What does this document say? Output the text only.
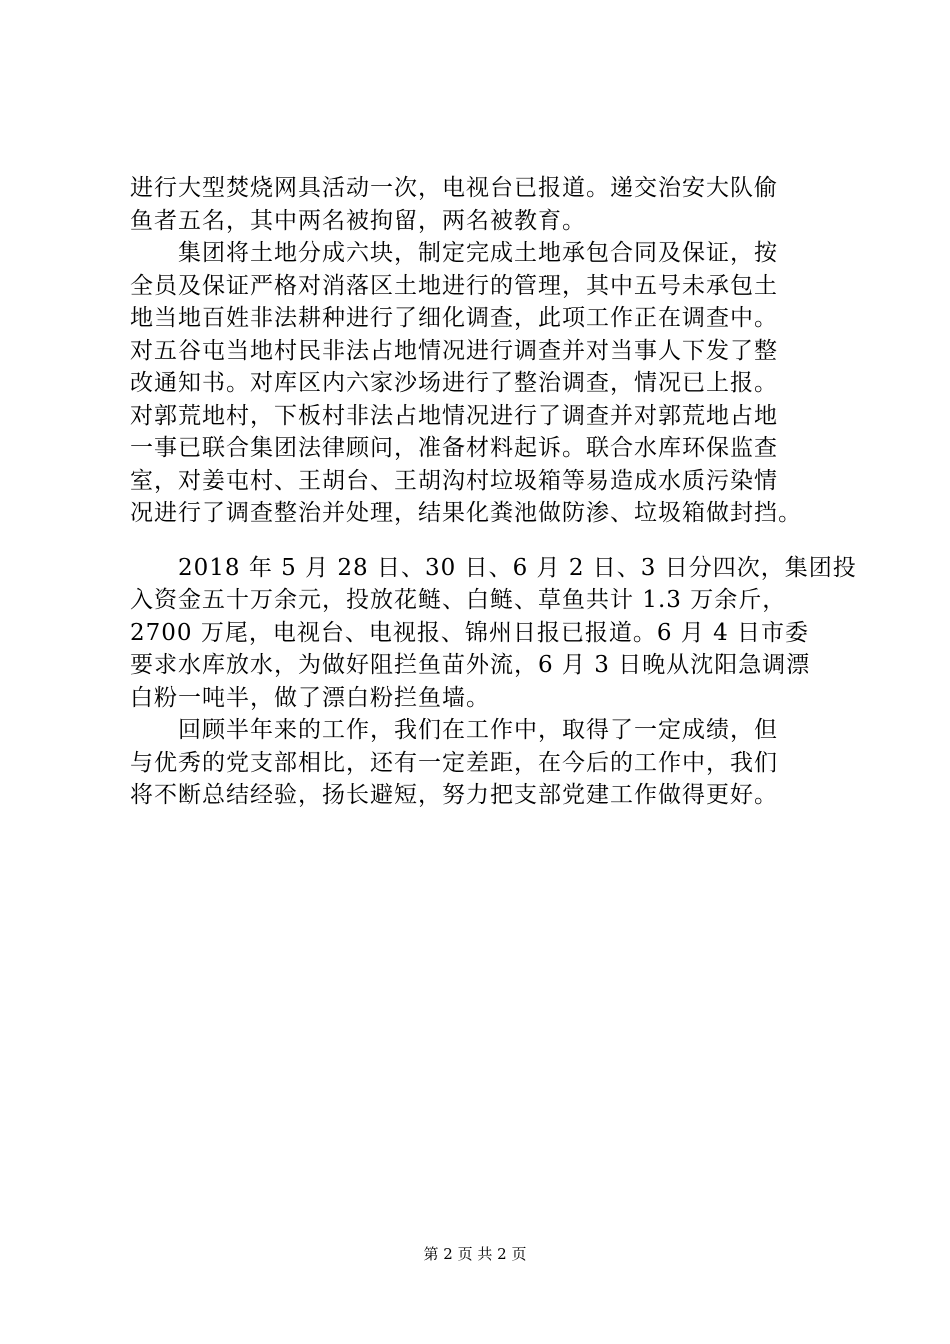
进行大型焚烧网具活动一次，电视台已报道。递交治安大队偷
鱼者五名，其中两名被拘留，两名被教育。
　　集团将土地分成六块，制定完成土地承包合同及保证，按
全员及保证严格对消落区土地进行的管理，其中五号未承包土
地当地百姓非法耕种进行了细化调查，此项工作正在调查中。
对五谷屯当地村民非法占地情况进行调查并对当事人下发了整
改通知书。对库区内六家沙场进行了整治调查，情况已上报。
对郭荒地村，下板村非法占地情况进行了调查并对郭荒地占地
一事已联合集团法律顾问，准备材料起诉。联合水库环保监查
室，对姜屯村、王胡台、王胡沟村垃圾箱等易造成水质污染情
况进行了调查整治并处理，结果化粪池做防渗、垃圾箱做封挡。
　　2018 年 5 月 28 日、30 日、6 月 2 日、3 日分四次，集团投
入资金五十万余元，投放花鲢、白鲢、草鱼共计 1.3 万余斤，
2700 万尾，电视台、电视报、锦州日报已报道。6 月 4 日市委
要求水库放水，为做好阻拦鱼苗外流，6 月 3 日晚从沈阳急调漂
白粉一吨半，做了漂白粉拦鱼墙。
　　回顾半年来的工作，我们在工作中，取得了一定成绩，但
与优秀的党支部相比，还有一定差距，在今后的工作中，我们
将不断总结经验，扬长避短，努力把支部党建工作做得更好。
第 2 页 共 2 页
